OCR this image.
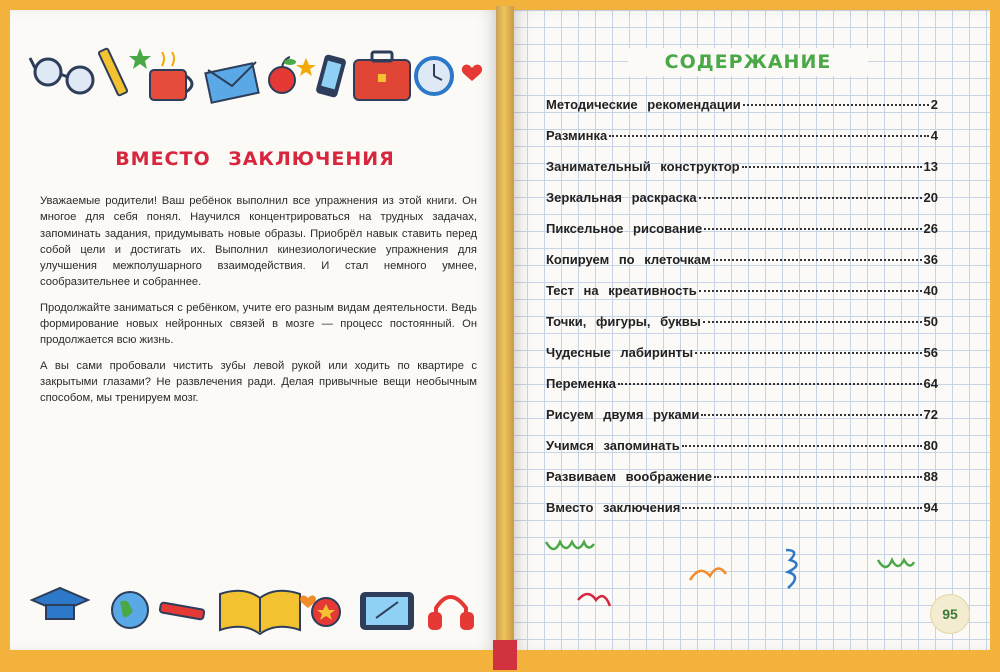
ВМЕСТО ЗАКЛЮЧЕНИЯ

Уважаемые родители! Ваш ребёнок выполнил все упражнения из этой книги. Он многое для себя понял. Научился концентрироваться на трудных задачах, запоминать задания, придумывать новые образы. Приобрёл навык ставить перед собой цели и достигать их. Выполнил кинезиологические упражнения для улучшения межполушарного взаимодействия. И стал немного умнее, сообразительнее и собраннее.

Продолжайте заниматься с ребёнком, учите его разным видам деятельности. Ведь формирование новых нейронных связей в мозге — процесс постоянный. Он продолжается всю жизнь.

А вы сами пробовали чистить зубы левой рукой или ходить по квартире с закрытыми глазами? Не развлечения ради. Делая привычные вещи необычным способом, мы тренируем мозг.

СОДЕРЖАНИЕ
Методические рекомендации	2
Разминка	4
Занимательный конструктор	13
Зеркальная раскраска	20
Пиксельное рисование	26
Копируем по клеточкам	36
Тест на креативность	40
Точки, фигуры, буквы	50
Чудесные лабиринты	56
Переменка	64
Рисуем двумя руками	72
Учимся запоминать	80
Развиваем воображение	88
Вместо заключения	94
95
